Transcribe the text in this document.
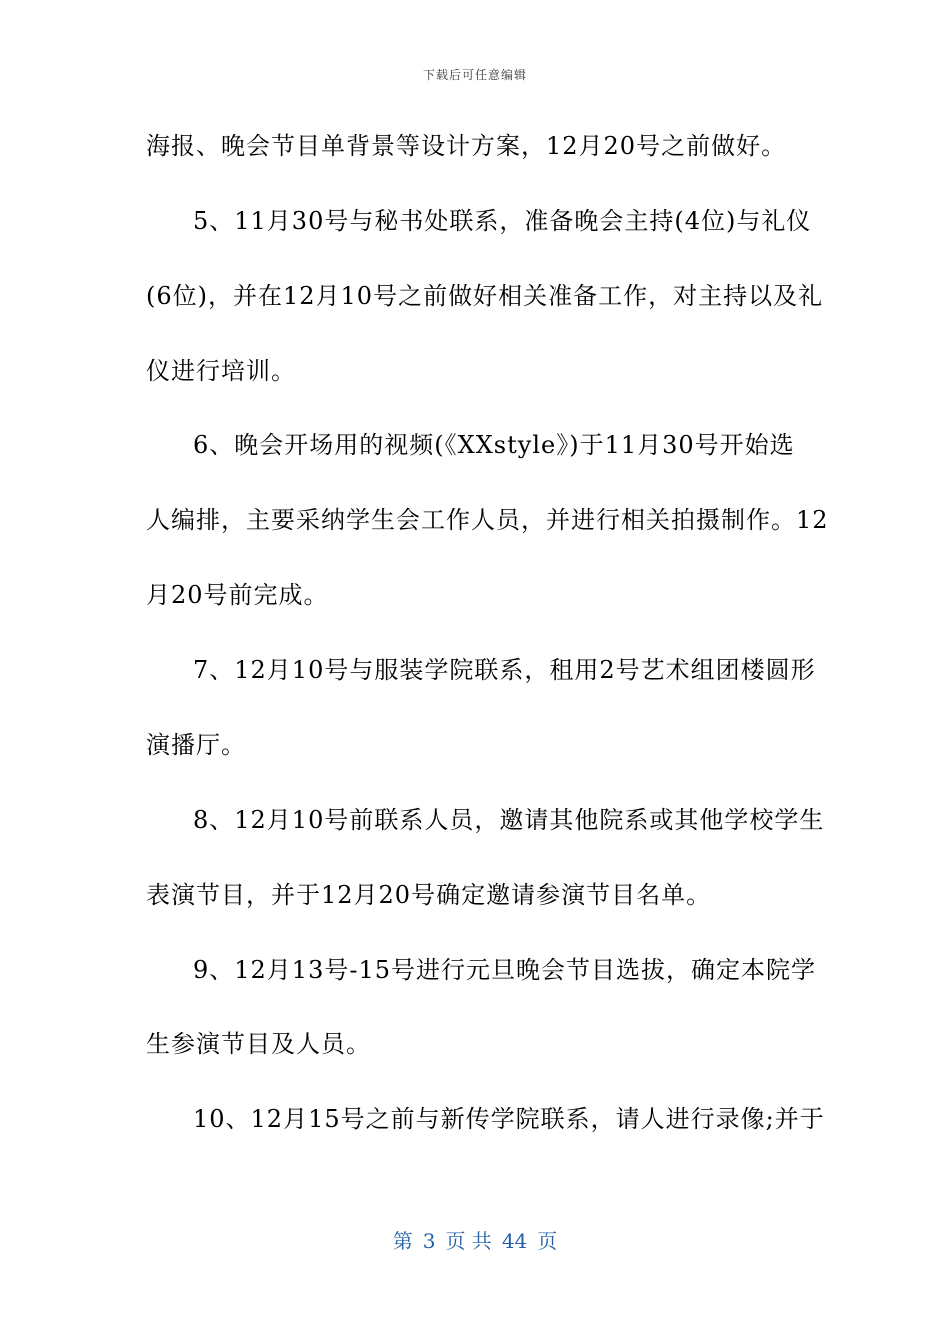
下载后可任意编辑
海报、晚会节目单背景等设计方案，12月20号之前做好。
5、11月30号与秘书处联系，准备晚会主持(4位)与礼仪
(6位)，并在12月10号之前做好相关准备工作，对主持以及礼
仪进行培训。
6、晚会开场用的视频(《XXstyle》)于11月30号开始选
人编排，主要采纳学生会工作人员，并进行相关拍摄制作。12
月20号前完成。
7、12月10号与服装学院联系，租用2号艺术组团楼圆形
演播厅。
8、12月10号前联系人员，邀请其他院系或其他学校学生
表演节目，并于12月20号确定邀请参演节目名单。
9、12月13号-15号进行元旦晚会节目选拔，确定本院学
生参演节目及人员。
10、12月15号之前与新传学院联系，请人进行录像;并于
第 3 页 共 44 页
